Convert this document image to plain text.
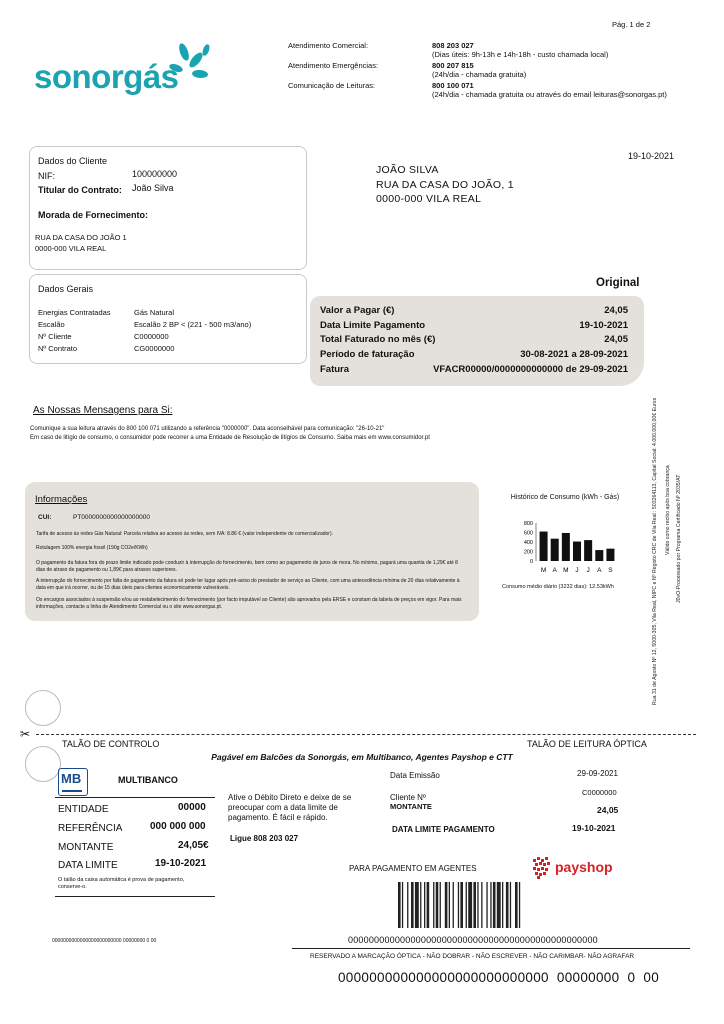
Pág. 1 de 2
sonorgás
Atendimento Comercial:	808 203 027
(Dias úteis: 9h-13h e 14h-18h - custo chamada local)
Atendimento Emergências:	800 207 815
(24h/dia - chamada gratuita)
Comunicação de Leituras:	800 100 071
(24h/dia - chamada gratuita ou através do email leituras@sonorgas.pt)
19-10-2021
Dados do Cliente
NIF:	100000000
Titular do Contrato: João Silva
Morada de Fornecimento:
RUA DA CASA DO JOÃO 1
0000-000 VILA REAL
JOÃO SILVA
RUA DA CASA DO JOÃO, 1
0000-000 VILA REAL
Dados Gerais
Energias Contratadas	Gás Natural
Escalão	Escalão 2 BP < (221 - 500 m3/ano)
Nº Cliente	C0000000
Nº Contrato	CG0000000
Original
Valor a Pagar (€)	24,05
Data Limite Pagamento	19-10-2021
Total Faturado no mês (€)	24,05
Período de faturação	30-08-2021 a 28-09-2021
Fatura	VFACR00000/0000000000000 de 29-09-2021
As Nossas Mensagens para Si:
Comunique a sua leitura através do 800 100 071 utilizando a referência "0000000". Data aconselhável para comunicação: "26-10-21"
Em caso de litígio de consumo, o consumidor pode recorrer a uma Entidade de Resolução de litígios de Consumo. Saiba mais em www.consumidor.pt
Informações
CUI:	PT0000000000000000000
Tarifa de acesso às redes Gás Natural: Parcela relativa ao acesso às redes, sem IVA: 8.86 € (valor independente do comercializador).
Rotulagem 100% energia fossil (190g CO2e/KWh)
O pagamento da fatura fora do prazo limite indicado pode conduzir à interrupção do fornecimento, bem como ao pagamento de juros de mora. No mínimo, pagará uma quantia de 1,29€ até 8 dias de atraso de pagamento ou 1,89€ para atrasos superiores.
A interrupção do fornecimento por falta de pagamento da fatura só pode ter lugar após pré-aviso do prestador de serviço ao Cliente, com uma antecedência mínima de 20 dias relativamente à data em que irá ocorrer, ou de 15 dias úteis para clientes economicamente vulneráveis.
Os encargos associados à suspensão e/ou ao restabelecimento do fornecimento (por facto imputável ao Cliente) são aprovados pela ERSE e constam da tabela de preços em vigor. Para mais informações, contacte a linha de Atendimento Comercial ou o site www.sonorgas.pt.
Histórico de Consumo (kWh - Gás)
0
200
400
600
800
M A M J J A S
Consumo médio diário (3232 dias): 12.53kWh	Rua 31 de Agosto Nº 12, 5000-305, Vila Real, NIPC e Nº Registo CRC de Vila Real : 503264113, Capital Social: 4.000.000,00€ Euros Válido como recibo após boa cobrança J0vO-Processado por Programa Certificado Nº 2035/AT
✂
TALÃO DE CONTROLO	TALÃO DE LEITURA ÓPTICA
Pagável em Balcões da Sonorgás, em Multibanco, Agentes Payshop e CTT
MB	MULTIBANCO
ENTIDADE	00000
REFERÊNCIA	000 000 000
MONTANTE	24,05€
DATA LIMITE	19-10-2021
O talão da caixa automática é prova de pagamento, conserve-o.
Ative o Débito Direto e deixe de se preocupar com a data limite de pagamento. É fácil e rápido.
Ligue 808 203 027
Data Emissão	29-09-2021
Cliente Nº
C0000000
MONTANTE	24,05
DATA LIMITE PAGAMENTO	19-10-2021
PARA PAGAMENTO EM AGENTES	payshop
0000000000000000000000000 00000000 0 00	000000000000000000000000000000000000000000000000
RESERVADO A MARCAÇÃO ÓPTICA - NÃO DOBRAR - NÃO ESCREVER - NÃO CARIMBAR- NÃO AGRAFAR
000000000000000000000000000  00000000  0  00
